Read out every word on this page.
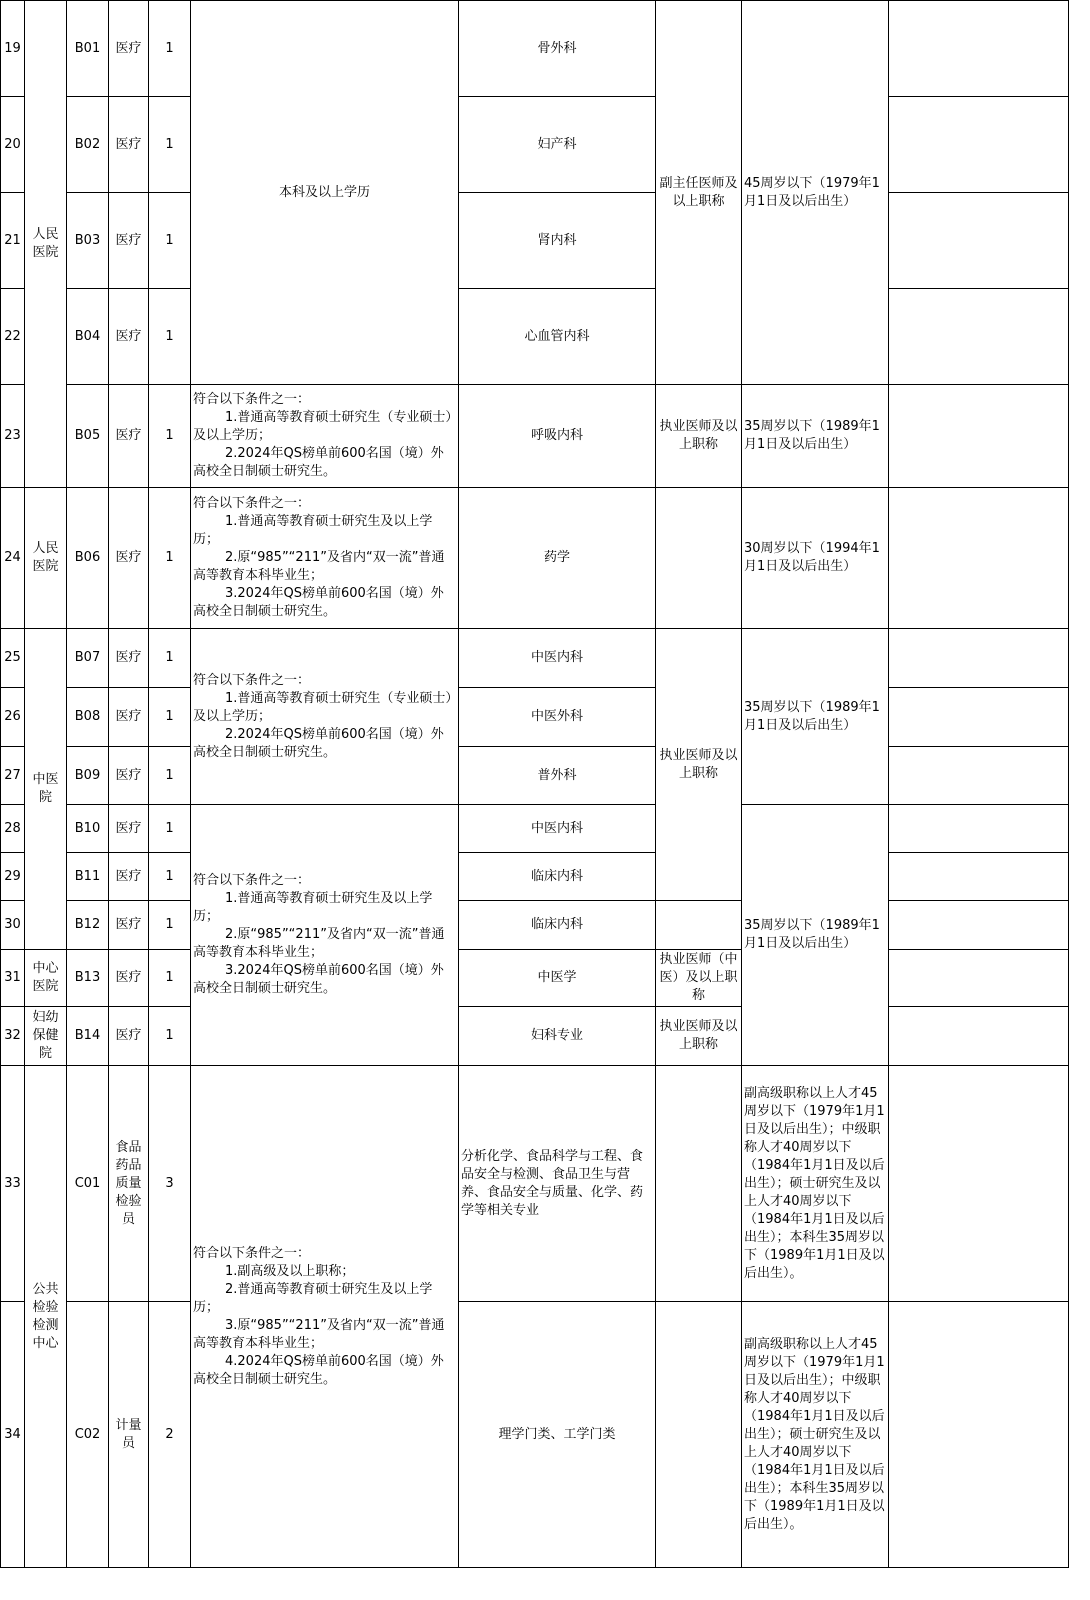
19	人民医院	B01	医疗	1	本科及以上学历	骨外科	副主任医师及以上职称	45周岁以下（1979年1月1日及以后出生）	
20		B02	医疗	1		妇产科			
21		B03	医疗	1		肾内科			
22		B04	医疗	1		心血管内科			
23		B05	医疗	1	符合以下条件之一：
1.普通高等教育硕士研究生（专业硕士）及以上学历；
2.2024年QS榜单前600名国（境）外高校全日制硕士研究生。	呼吸内科	执业医师及以上职称	35周岁以下（1989年1月1日及以后出生）	
24	人民医院	B06	医疗	1	符合以下条件之一：
1.普通高等教育硕士研究生及以上学历；
2.原“985”“211”及省内“双一流”普通高等教育本科毕业生；
3.2024年QS榜单前600名国（境）外高校全日制硕士研究生。	药学		30周岁以下（1994年1月1日及以后出生）	
25	中医院	B07	医疗	1	符合以下条件之一：
1.普通高等教育硕士研究生（专业硕士）及以上学历；
2.2024年QS榜单前600名国（境）外高校全日制硕士研究生。	中医内科	执业医师及以上职称	35周岁以下（1989年1月1日及以后出生）	
26		B08	医疗	1		中医外科			
27		B09	医疗	1		普外科			
28		B10	医疗	1	符合以下条件之一：
1.普通高等教育硕士研究生及以上学历；
2.原“985”“211”及省内“双一流”普通高等教育本科毕业生；
3.2024年QS榜单前600名国（境）外高校全日制硕士研究生。	中医内科		35周岁以下（1989年1月1日及以后出生）	
29		B11	医疗	1		临床内科			
30		B12	医疗	1		临床内科			
31	中心医院	B13	医疗	1		中医学	执业医师（中医）及以上职称		
32	妇幼保健院	B14	医疗	1		妇科专业	执业医师及以上职称		
33	公共检验检测中心	C01	食品药品质量检验员	3	符合以下条件之一：
1.副高级及以上职称；
2.普通高等教育硕士研究生及以上学历；
3.原“985”“211”及省内“双一流”普通高等教育本科毕业生；
4.2024年QS榜单前600名国（境）外高校全日制硕士研究生。	分析化学、食品科学与工程、食品安全与检测、食品卫生与营养、食品安全与质量、化学、药学等相关专业		副高级职称以上人才45周岁以下（1979年1月1日及以后出生）；中级职称人才40周岁以下（1984年1月1日及以后出生）；硕士研究生及以上人才40周岁以下（1984年1月1日及以后出生）；本科生35周岁以下（1989年1月1日及以后出生）。	
34		C02	计量员	2		理学门类、工学门类		副高级职称以上人才45周岁以下（1979年1月1日及以后出生）；中级职称人才40周岁以下（1984年1月1日及以后出生）；硕士研究生及以上人才40周岁以下（1984年1月1日及以后出生）；本科生35周岁以下（1989年1月1日及以后出生）。	
